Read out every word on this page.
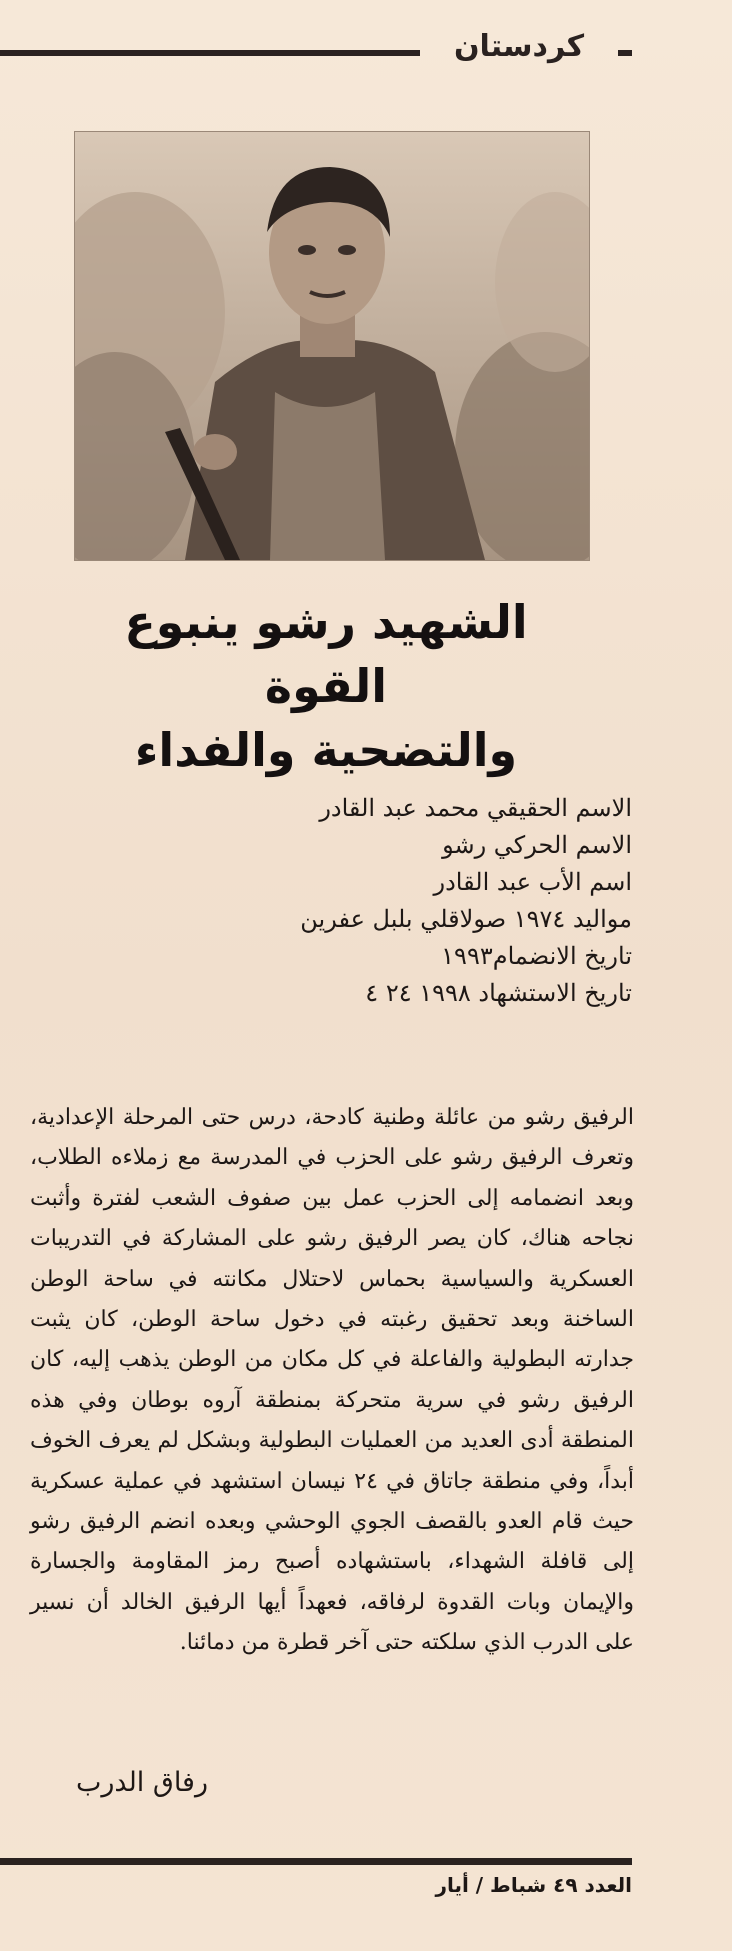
كردستان
الشهيد رشو ينبوع القوة
والتضحية والفداء
الاسم الحقيقي محمد عبد القادر
الاسم الحركي رشو
اسم الأب عبد القادر
مواليد ١٩٧٤ صولاقلي بلبل عفرين
تاريخ الانضمام١٩٩٣
تاريخ الاستشهاد ١٩٩٨ ٢٤ ٤
الرفيق رشو من عائلة وطنية كادحة، درس حتى المرحلة الإعدادية، وتعرف الرفيق رشو على الحزب في المدرسة مع زملاءه الطلاب، وبعد انضمامه إلى الحزب عمل بين صفوف الشعب لفترة وأثبت نجاحه هناك، كان يصر الرفيق رشو على المشاركة في التدريبات العسكرية والسياسية بحماس لاحتلال مكانته في ساحة الوطن الساخنة وبعد تحقيق رغبته في دخول ساحة الوطن، كان يثبت جدارته البطولية والفاعلة في كل مكان من الوطن يذهب إليه، كان الرفيق رشو في سرية متحركة بمنطقة آروه بوطان وفي هذه المنطقة أدى العديد من العمليات البطولية وبشكل لم يعرف الخوف أبداً، وفي منطقة جاتاق في ٢٤ نيسان استشهد في عملية عسكرية حيث قام العدو بالقصف الجوي الوحشي وبعده انضم الرفيق رشو إلى قافلة الشهداء، باستشهاده أصبح رمز المقاومة والجسارة والإيمان وبات القدوة لرفاقه، فعهداً أيها الرفيق الخالد أن نسير على الدرب الذي سلكته حتى آخر قطرة من دمائنا.
رفاق الدرب
العدد ٤٩ شباط / أيار
